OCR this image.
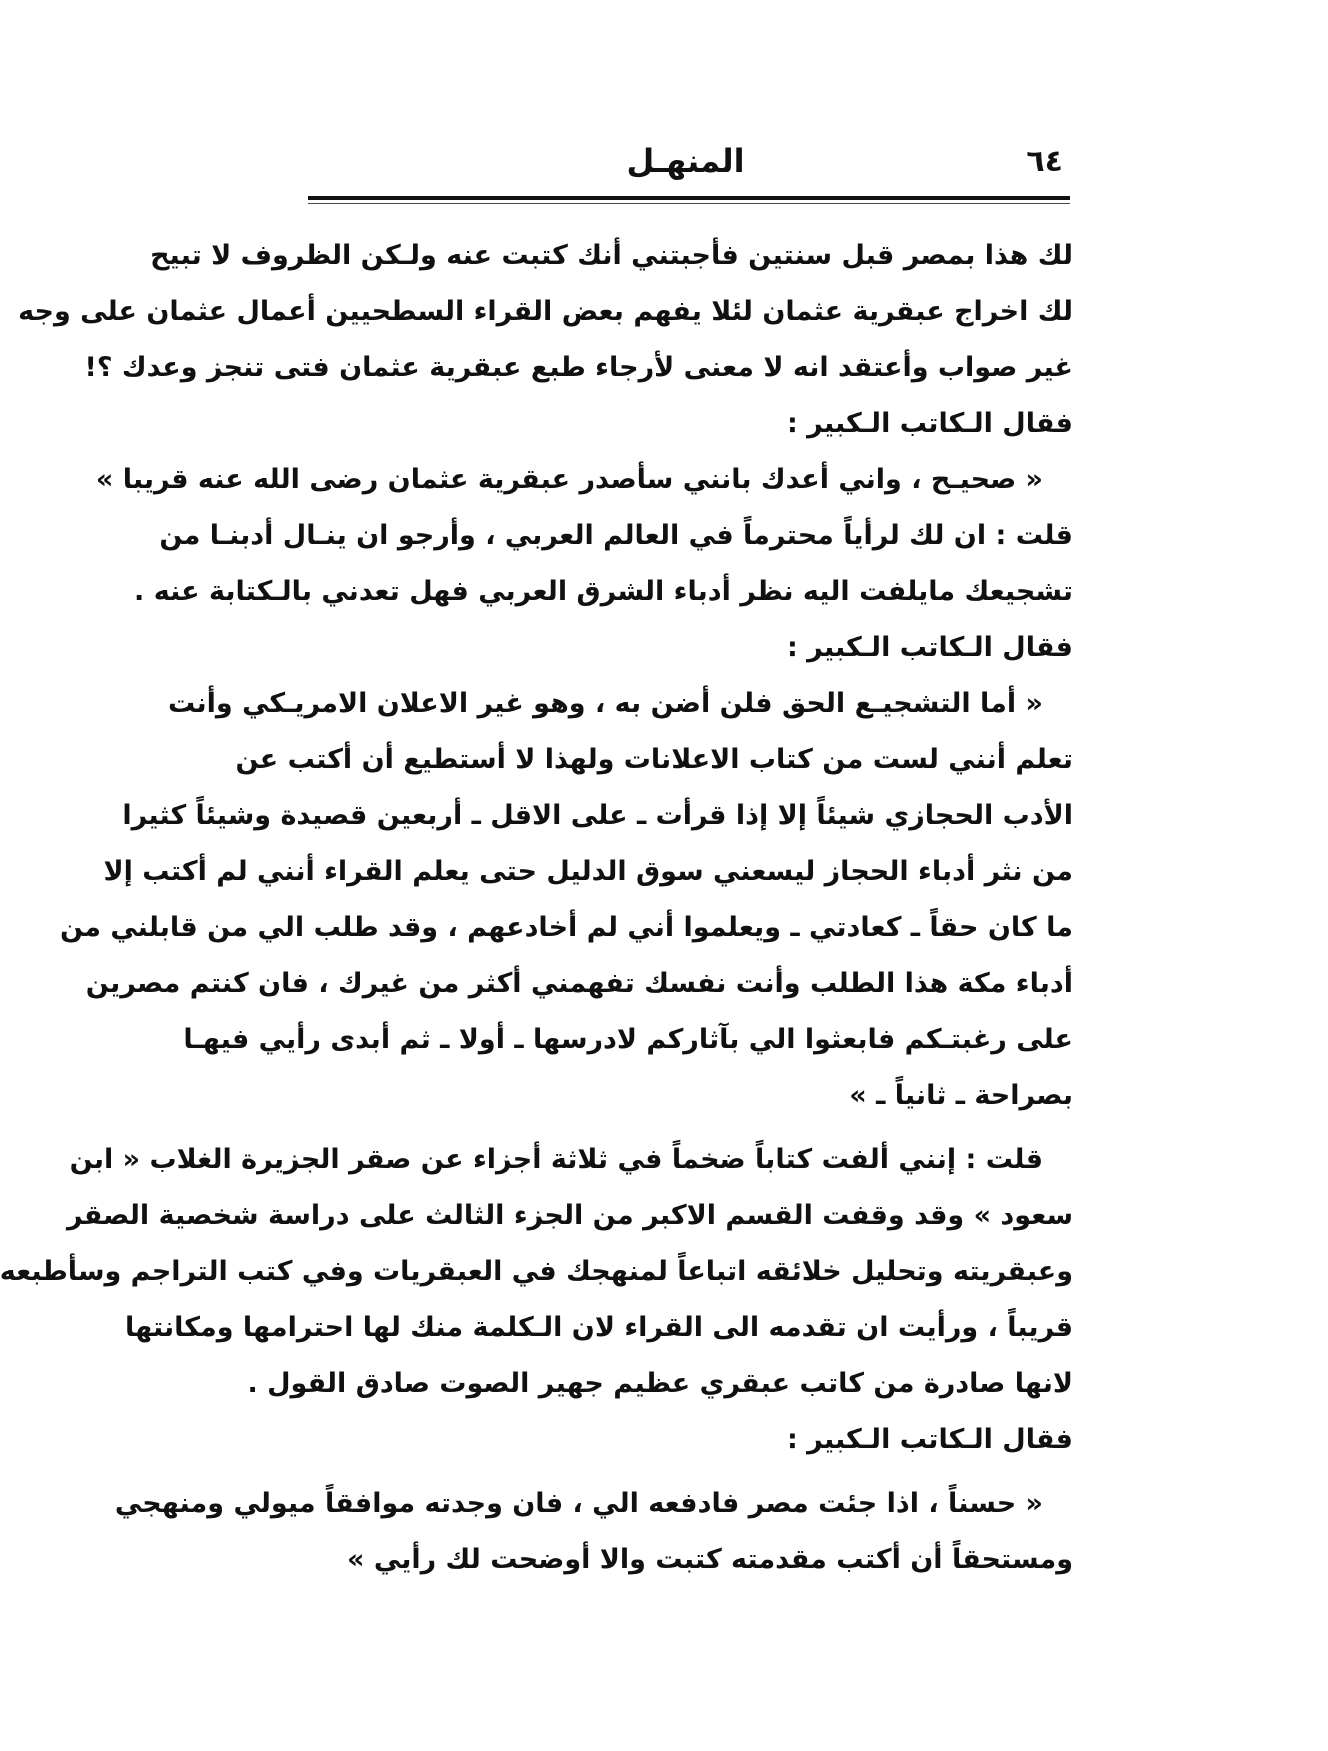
٦٤
المنهـل
لك هذا بمصر قبل سنتين فأجبتني أنك كتبت عنه ولـكن الظروف لا تبيح
لك اخراج عبقرية عثمان لئلا يفهم بعض القراء السطحيين أعمال عثمان على وجه
غير صواب وأعتقد انه لا معنى لأرجاء طبع عبقرية عثمان فتى تنجز وعدك ؟!
فقال الـكاتب الـكبير :
« صحيـح ، واني أعدك بانني سأصدر عبقرية عثمان رضى الله عنه قريبا »
قلت : ان لك لرأياً محترماً في العالم العربي ، وأرجو ان ينـال أدبنـا من
تشجيعك مايلفت اليه نظر أدباء الشرق العربي فهل تعدني بالـكتابة عنه .
فقال الـكاتب الـكبير :
« أما التشجيـع الحق فلن أضن به ، وهو غير الاعلان الامريـكي وأنت
تعلم أنني لست من كتاب الاعلانات ولهذا لا أستطيع أن أكتب عن
الأدب الحجازي شيئاً إلا إذا قرأت ـ على الاقل ـ أربعين قصيدة وشيئاً كثيرا
من نثر أدباء الحجاز ليسعني سوق الدليل حتى يعلم القراء أنني لم أكتب إلا
ما كان حقاً ـ كعادتي ـ ويعلموا أني لم أخادعهم ، وقد طلب الي من قابلني من
أدباء مكة هذا الطلب وأنت نفسك تفهمني أكثر من غيرك ، فان كنتم مصرين
على رغبتـكم فابعثوا الي بآثاركم لادرسها ـ أولا ـ ثم أبدى رأيي فيهـا
بصراحة ـ ثانياً ـ »
قلت : إنني ألفت كتاباً ضخماً في ثلاثة أجزاء عن صقر الجزيرة الغلاب « ابن
سعود » وقد وقفت القسم الاكبر من الجزء الثالث على دراسة شخصية الصقر
وعبقريته وتحليل خلائقه اتباعاً لمنهجك في العبقريات وفي كتب التراجم وسأطبعه
قريباً ، ورأيت ان تقدمه الى القراء لان الـكلمة منك لها احترامها ومكانتها
لانها صادرة من كاتب عبقري عظيم جهير الصوت صادق القول .
فقال الـكاتب الـكبير :
« حسناً ، اذا جئت مصر فادفعه الي ، فان وجدته موافقاً ميولي ومنهجي
ومستحقاً أن أكتب مقدمته كتبت والا أوضحت لك رأيي »
